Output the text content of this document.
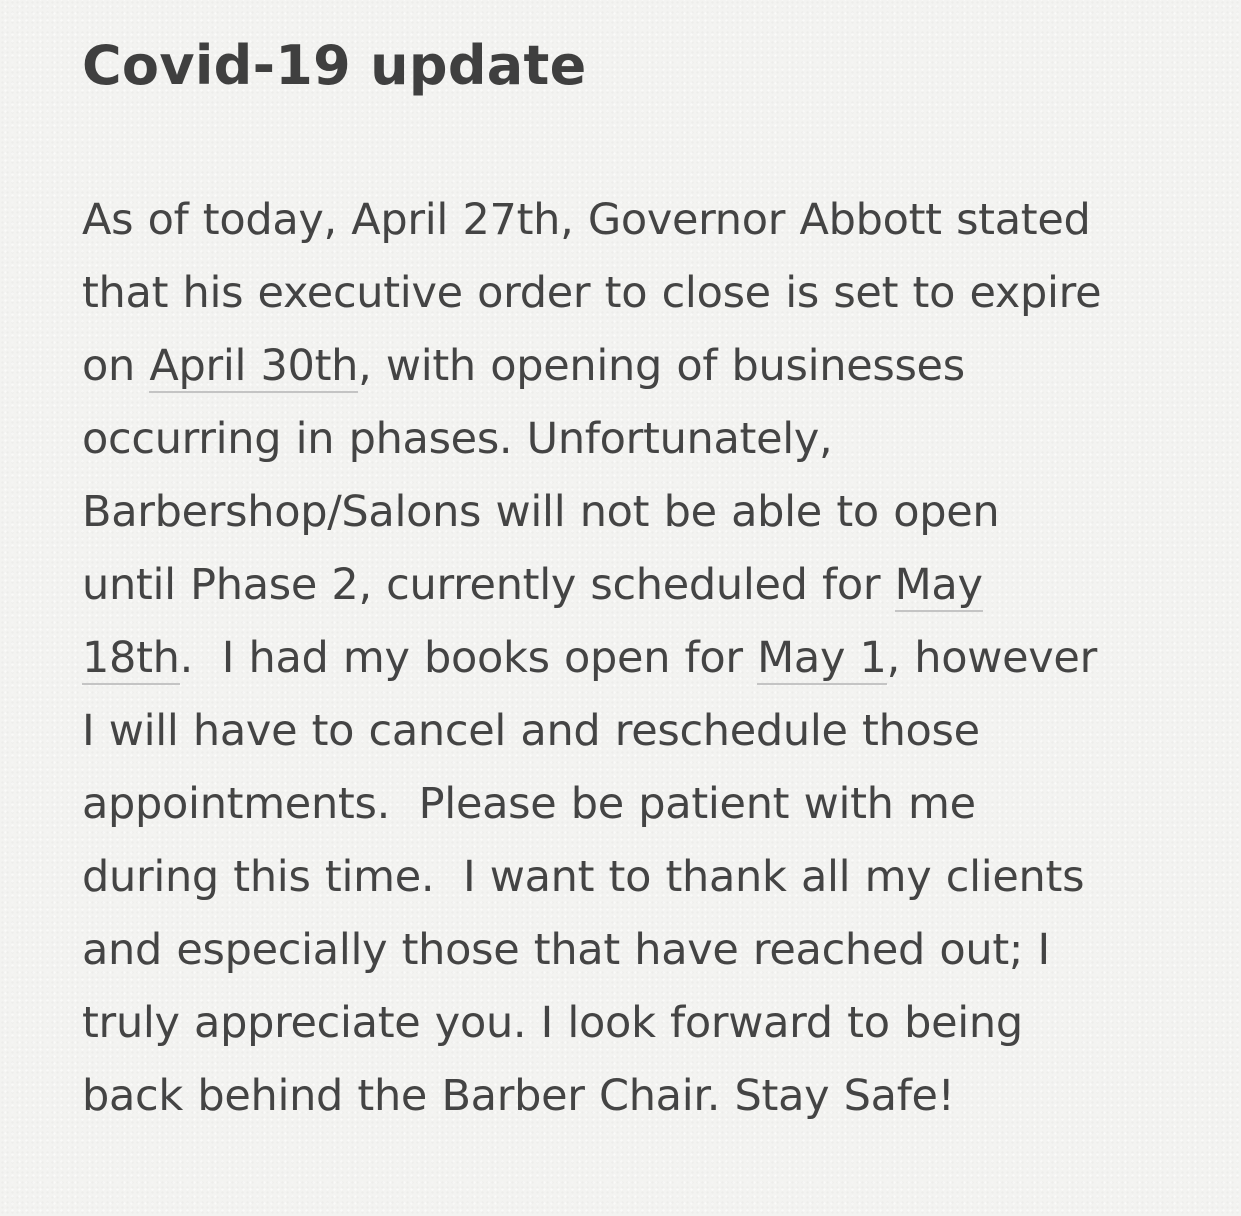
Covid-19 update
As of today, April 27th, Governor Abbott stated
that his executive order to close is set to expire
on April 30th, with opening of businesses
occurring in phases. Unfortunately,
Barbershop/Salons will not be able to open
until Phase 2, currently scheduled for May
18th.  I had my books open for May 1, however
I will have to cancel and reschedule those
appointments.  Please be patient with me
during this time.  I want to thank all my clients
and especially those that have reached out; I
truly appreciate you. I look forward to being
back behind the Barber Chair. Stay Safe!
